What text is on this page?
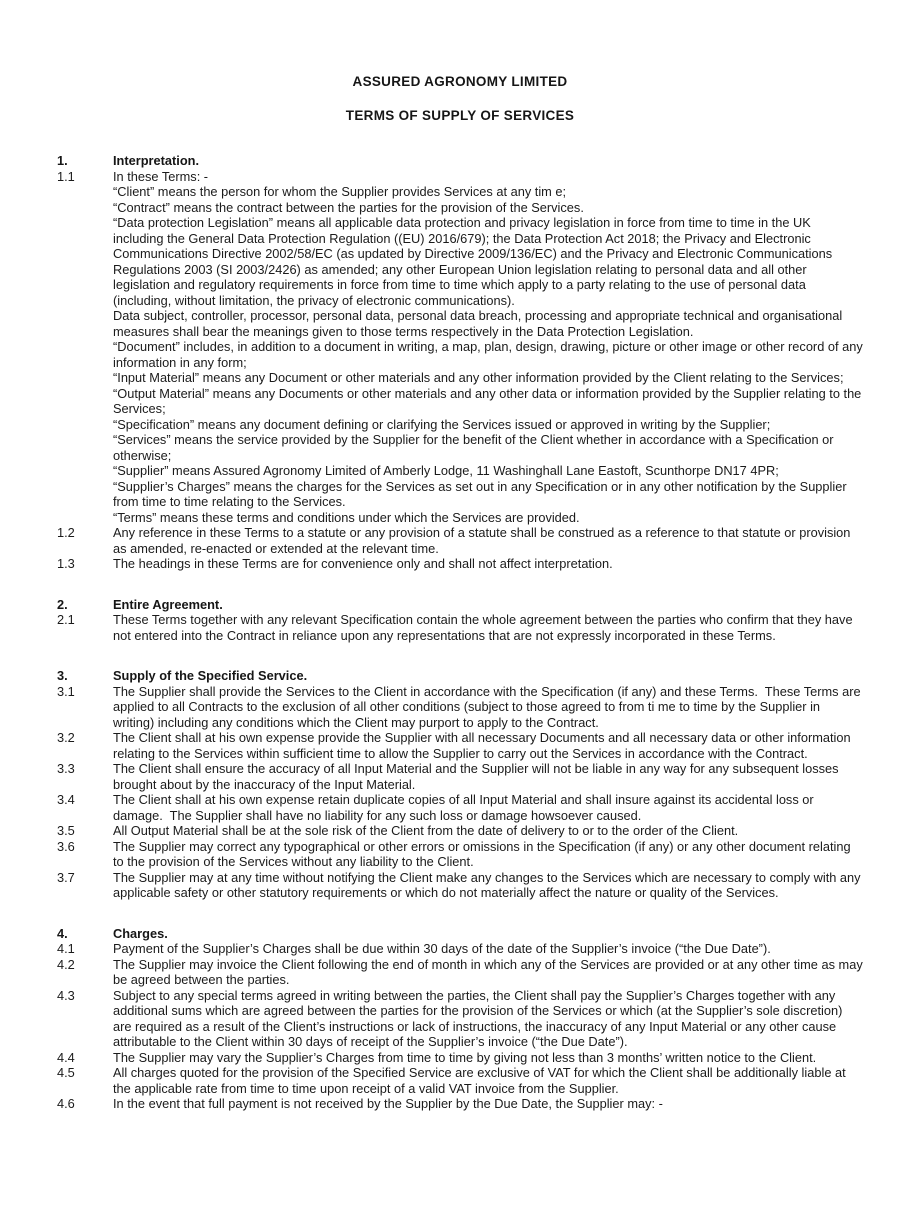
ASSURED AGRONOMY LIMITED
TERMS OF SUPPLY OF SERVICES
1.	Interpretation.
1.1	In these Terms: -

“Client” means the person for whom the Supplier provides Services at any tim e;

“Contract” means the contract between the parties for the provision of the Services.

“Data protection Legislation” means all applicable data protection and privacy legislation in force from time to time in the UK including the General Data Protection Regulation ((EU) 2016/679); the Data Protection Act 2018; the Privacy and Electronic Communications Directive 2002/58/EC (as updated by Directive 2009/136/EC) and the Privacy and Electronic Communications Regulations 2003 (SI 2003/2426) as amended; any other European Union legislation relating to personal data and all other legislation and regulatory requirements in force from time to time which apply to a party relating to the use of personal data (including, without limitation, the privacy of electronic communications).

Data subject, controller, processor, personal data, personal data breach, processing and appropriate technical and organisational measures shall bear the meanings given to those terms respectively in the Data Protection Legislation.

“Document” includes, in addition to a document in writing, a map, plan, design, drawing, picture or other image or other record of any information in any form;

“Input Material” means any Document or other materials and any other information provided by the Client relating to the Services;

“Output Material” means any Documents or other materials and any other data or information provided by the Supplier relating to the Services;

“Specification” means any document defining or clarifying the Services issued or approved in writing by the Supplier;

“Services” means the service provided by the Supplier for the benefit of the Client whether in accordance with a Specification or otherwise;

“Supplier” means Assured Agronomy Limited of Amberly Lodge, 11 Washinghall Lane Eastoft, Scunthorpe DN17 4PR;

“Supplier’s Charges” means the charges for the Services as set out in any Specification or in any other notification by the Supplier from time to time relating to the Services.

“Terms” means these terms and conditions under which the Services are provided.

1.2	Any reference in these Terms to a statute or any provision of a statute shall be construed as a reference to that statute or provision as amended, re-enacted or extended at the relevant time.

1.3	The headings in these Terms are for convenience only and shall not affect interpretation.

2.	Entire Agreement.
2.1	These Terms together with any relevant Specification contain the whole agreement between the parties who confirm that they have not entered into the Contract in reliance upon any representations that are not expressly incorporated in these Terms.

3.	Supply of the Specified Service.
3.1	The Supplier shall provide the Services to the Client in accordance with the Specification (if any) and these Terms.  These Terms are applied to all Contracts to the exclusion of all other conditions (subject to those agreed to from ti me to time by the Supplier in writing) including any conditions which the Client may purport to apply to the Contract.

3.2	The Client shall at his own expense provide the Supplier with all necessary Documents and all necessary data or other information relating to the Services within sufficient time to allow the Supplier to carry out the Services in accordance with the Contract.

3.3	The Client shall ensure the accuracy of all Input Material and the Supplier will not be liable in any way for any subsequent losses brought about by the inaccuracy of the Input Material.

3.4	The Client shall at his own expense retain duplicate copies of all Input Material and shall insure against its accidental loss or damage.  The Supplier shall have no liability for any such loss or damage howsoever caused.

3.5	All Output Material shall be at the sole risk of the Client from the date of delivery to or to the order of the Client.

3.6	The Supplier may correct any typographical or other errors or omissions in the Specification (if any) or any other document relating to the provision of the Services without any liability to the Client.

3.7	The Supplier may at any time without notifying the Client make any changes to the Services which are necessary to comply with any applicable safety or other statutory requirements or which do not materially affect the nature or quality of the Services.

4.	Charges.
4.1	Payment of the Supplier’s Charges shall be due within 30 days of the date of the Supplier’s invoice (“the Due Date”).

4.2	The Supplier may invoice the Client following the end of month in which any of the Services are provided or at any other time as may be agreed between the parties.

4.3	Subject to any special terms agreed in writing between the parties, the Client shall pay the Supplier’s Charges together with any additional sums which are agreed between the parties for the provision of the Services or which (at the Supplier’s sole discretion) are required as a result of the Client’s instructions or lack of instructions, the inaccuracy of any Input Material or any other cause attributable to the Client within 30 days of receipt of the Supplier’s invoice (“the Due Date”).

4.4	The Supplier may vary the Supplier’s Charges from time to time by giving not less than 3 months’ written notice to the Client.

4.5	All charges quoted for the provision of the Specified Service are exclusive of VAT for which the Client shall be additionally liable at the applicable rate from time to time upon receipt of a valid VAT invoice from the Supplier.

4.6	In the event that full payment is not received by the Supplier by the Due Date, the Supplier may: -
